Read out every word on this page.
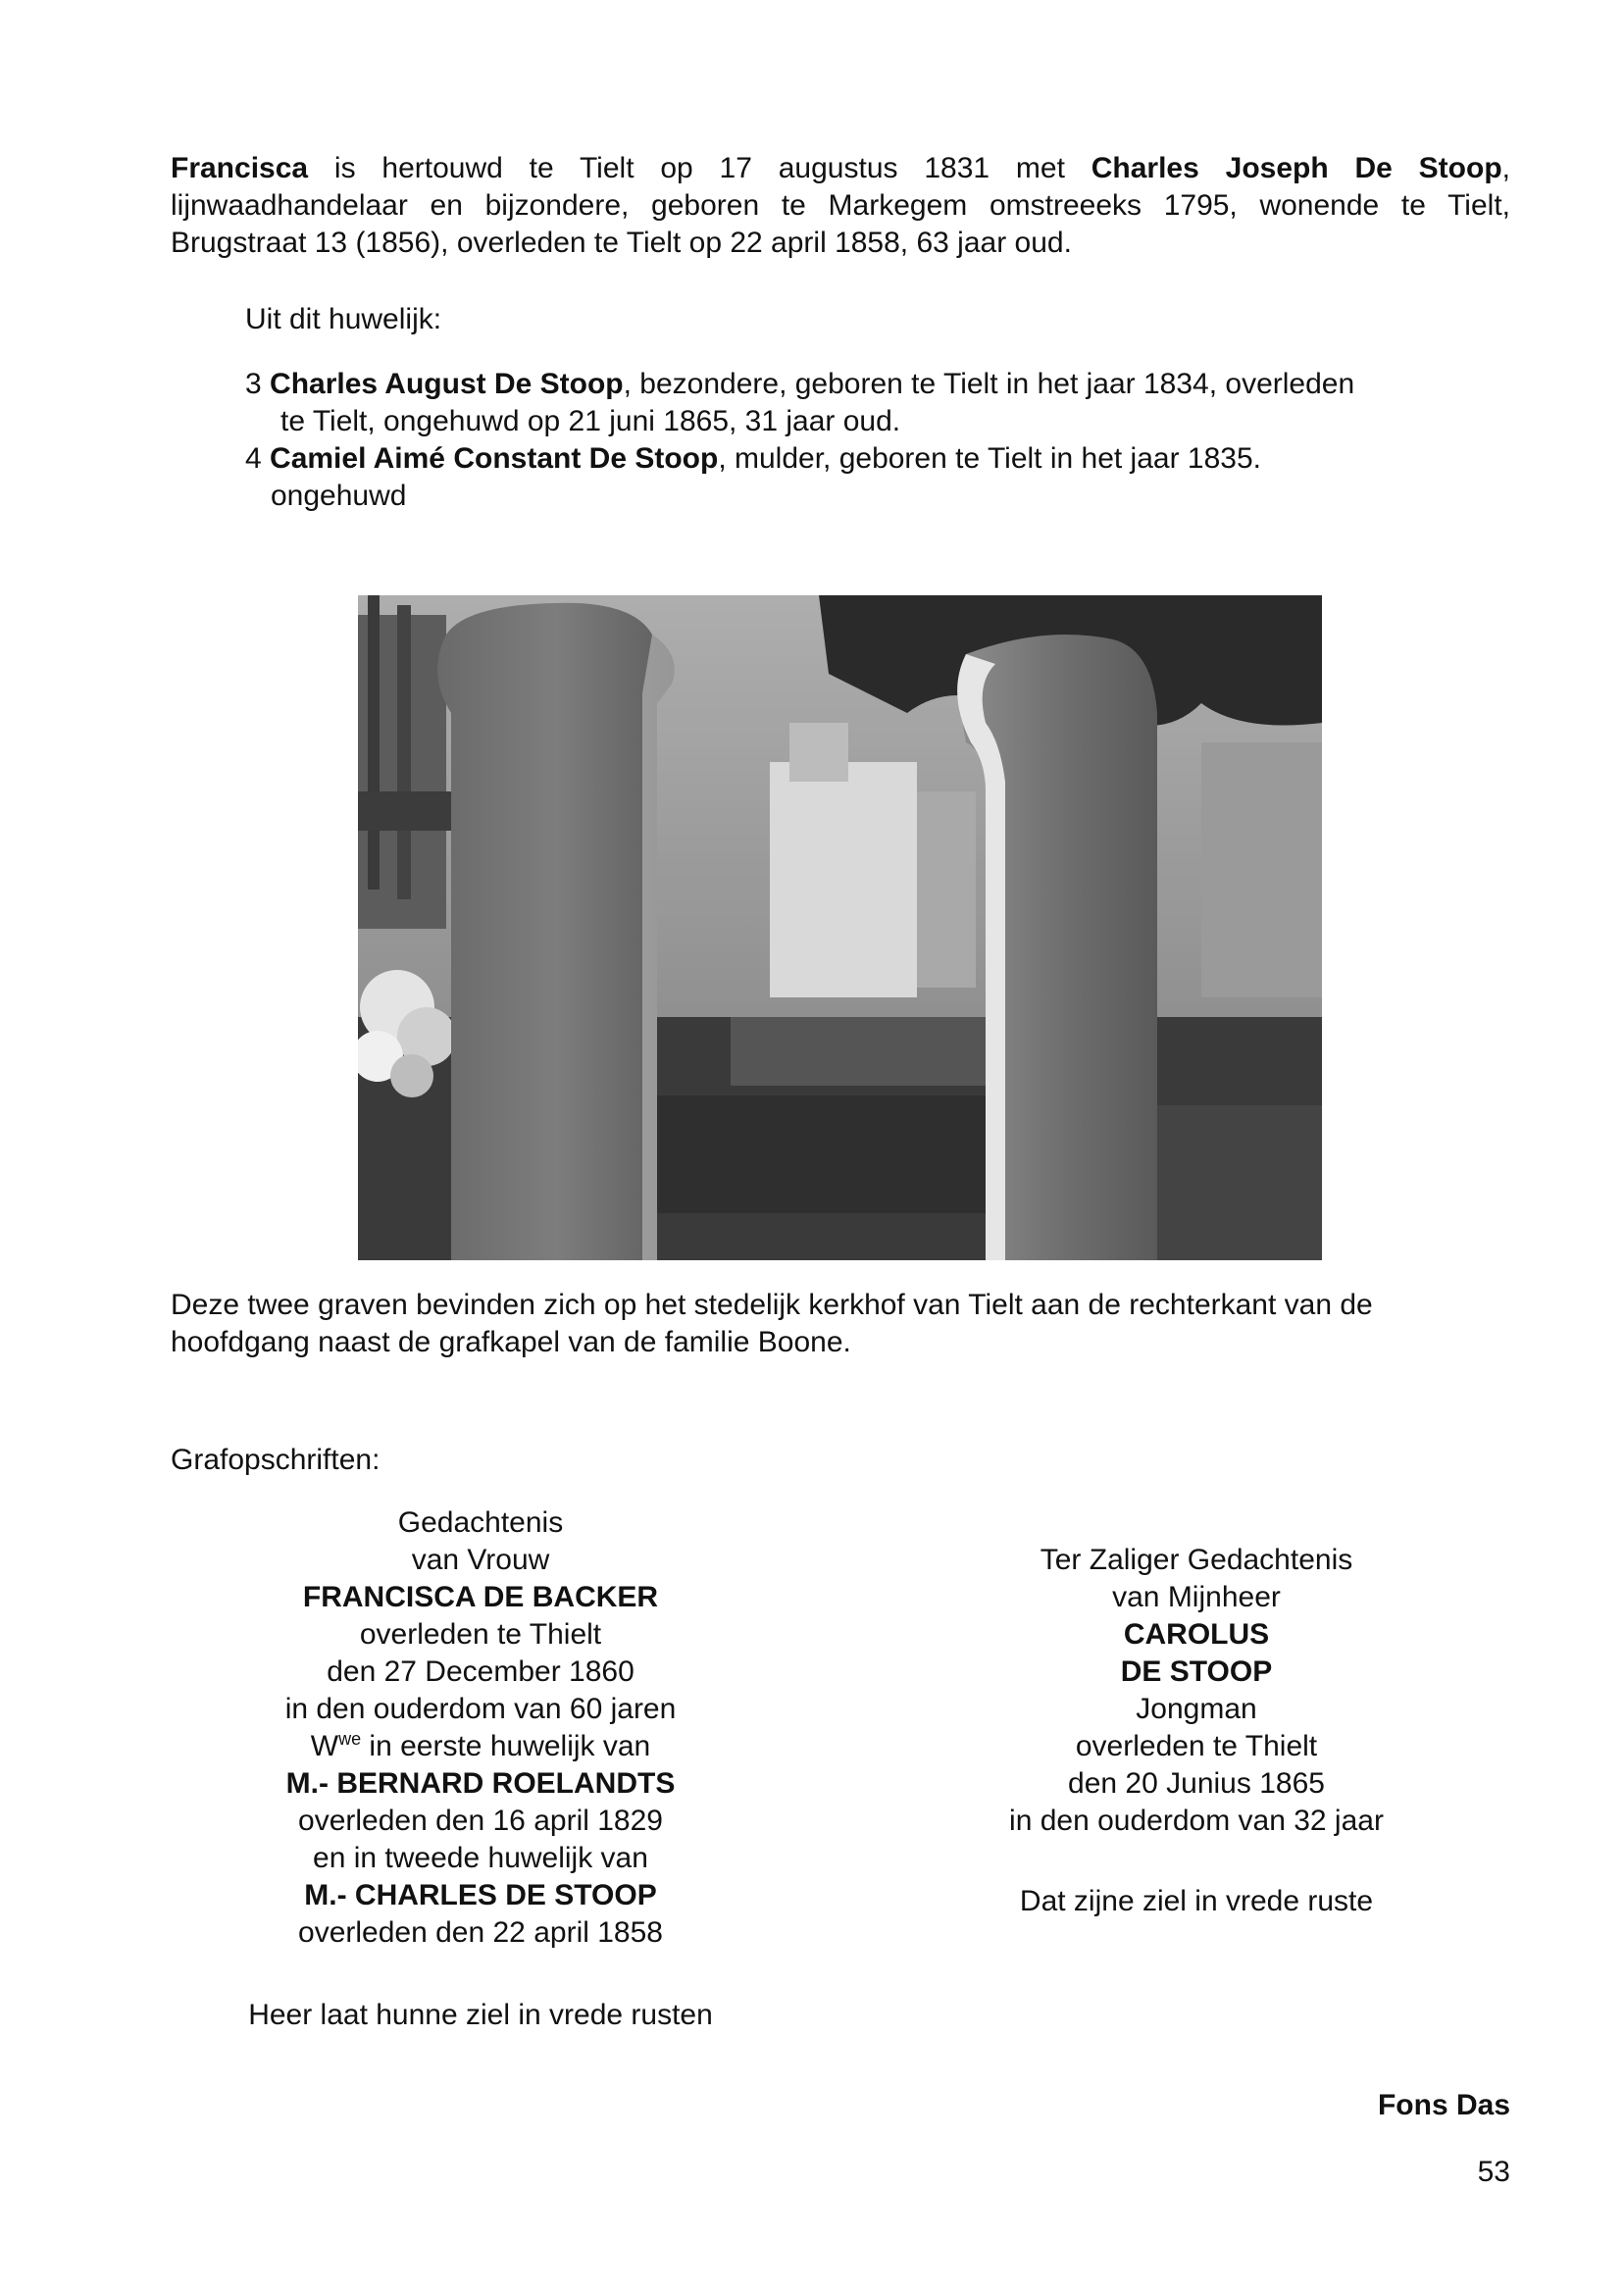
Francisca is hertouwd te Tielt op 17 augustus 1831 met Charles Joseph De Stoop, lijnwaadhandelaar en bijzondere, geboren te Markegem omstreeeks 1795, wonende te Tielt, Brugstraat 13 (1856), overleden te Tielt op 22 april 1858, 63 jaar oud.

Uit dit huwelijk:
3 Charles August De Stoop, bezondere, geboren te Tielt in het jaar 1834, overleden
te Tielt, ongehuwd op 21 juni 1865, 31 jaar oud.
4 Camiel Aimé Constant De Stoop, mulder, geboren te Tielt in het jaar 1835.
ongehuwd
Deze twee graven bevinden zich op het stedelijk kerkhof van Tielt aan de rechterkant van de hoofdgang naast de grafkapel van de familie Boone.
Grafopschriften:
Gedachtenis
van Vrouw
FRANCISCA DE BACKER
overleden te Thielt
den 27 December 1860
in den ouderdom van 60 jaren
$W^{we}$ in eerste huwelijk van
M.- BERNARD ROELANDTS
overleden den 16 april 1829
en in tweede huwelijk van
M.- CHARLES DE STOOP
overleden den 22 april 1858
Heer laat hunne ziel in vrede rusten
Ter Zaliger Gedachtenis
van Mijnheer
CAROLUS
DE STOOP
Jongman
overleden te Thielt
den 20 Junius 1865
in den ouderdom van 32 jaar
Dat zijne ziel in vrede ruste
Fons Das
53
